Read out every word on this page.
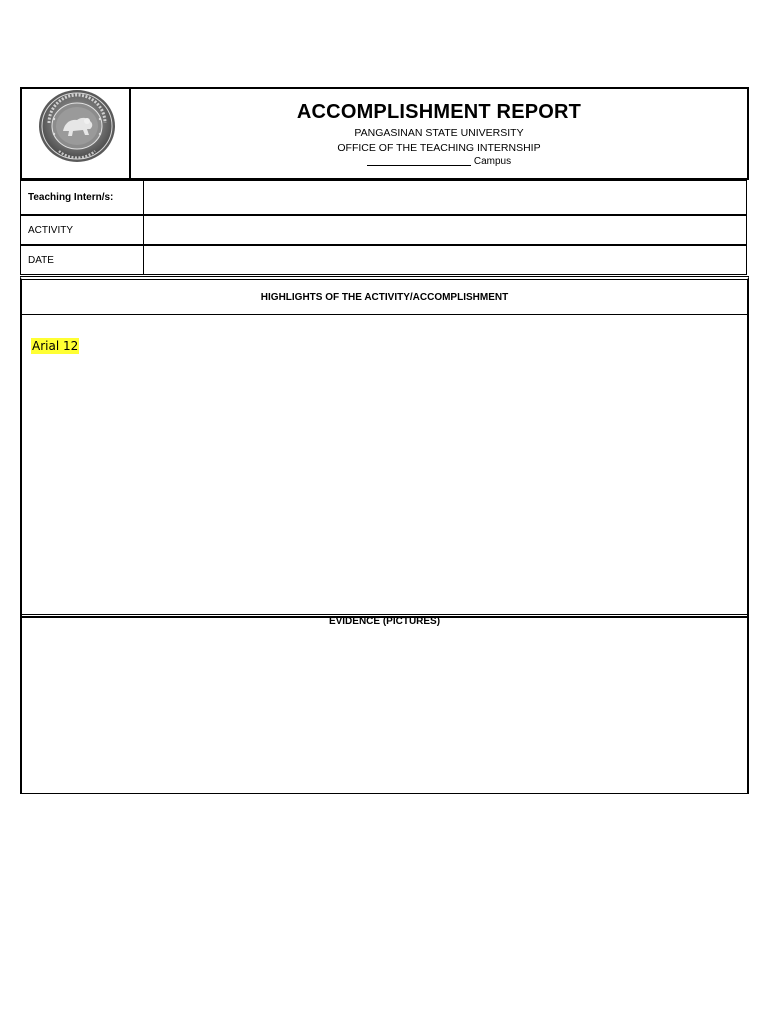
ACCOMPLISHMENT REPORT
PANGASINAN STATE UNIVERSITY
OFFICE OF THE TEACHING INTERNSHIP
Campus
Teaching Intern/s:
ACTIVITY
DATE
HIGHLIGHTS OF THE ACTIVITY/ACCOMPLISHMENT
Arial 12
EVIDENCE (PICTURES)
